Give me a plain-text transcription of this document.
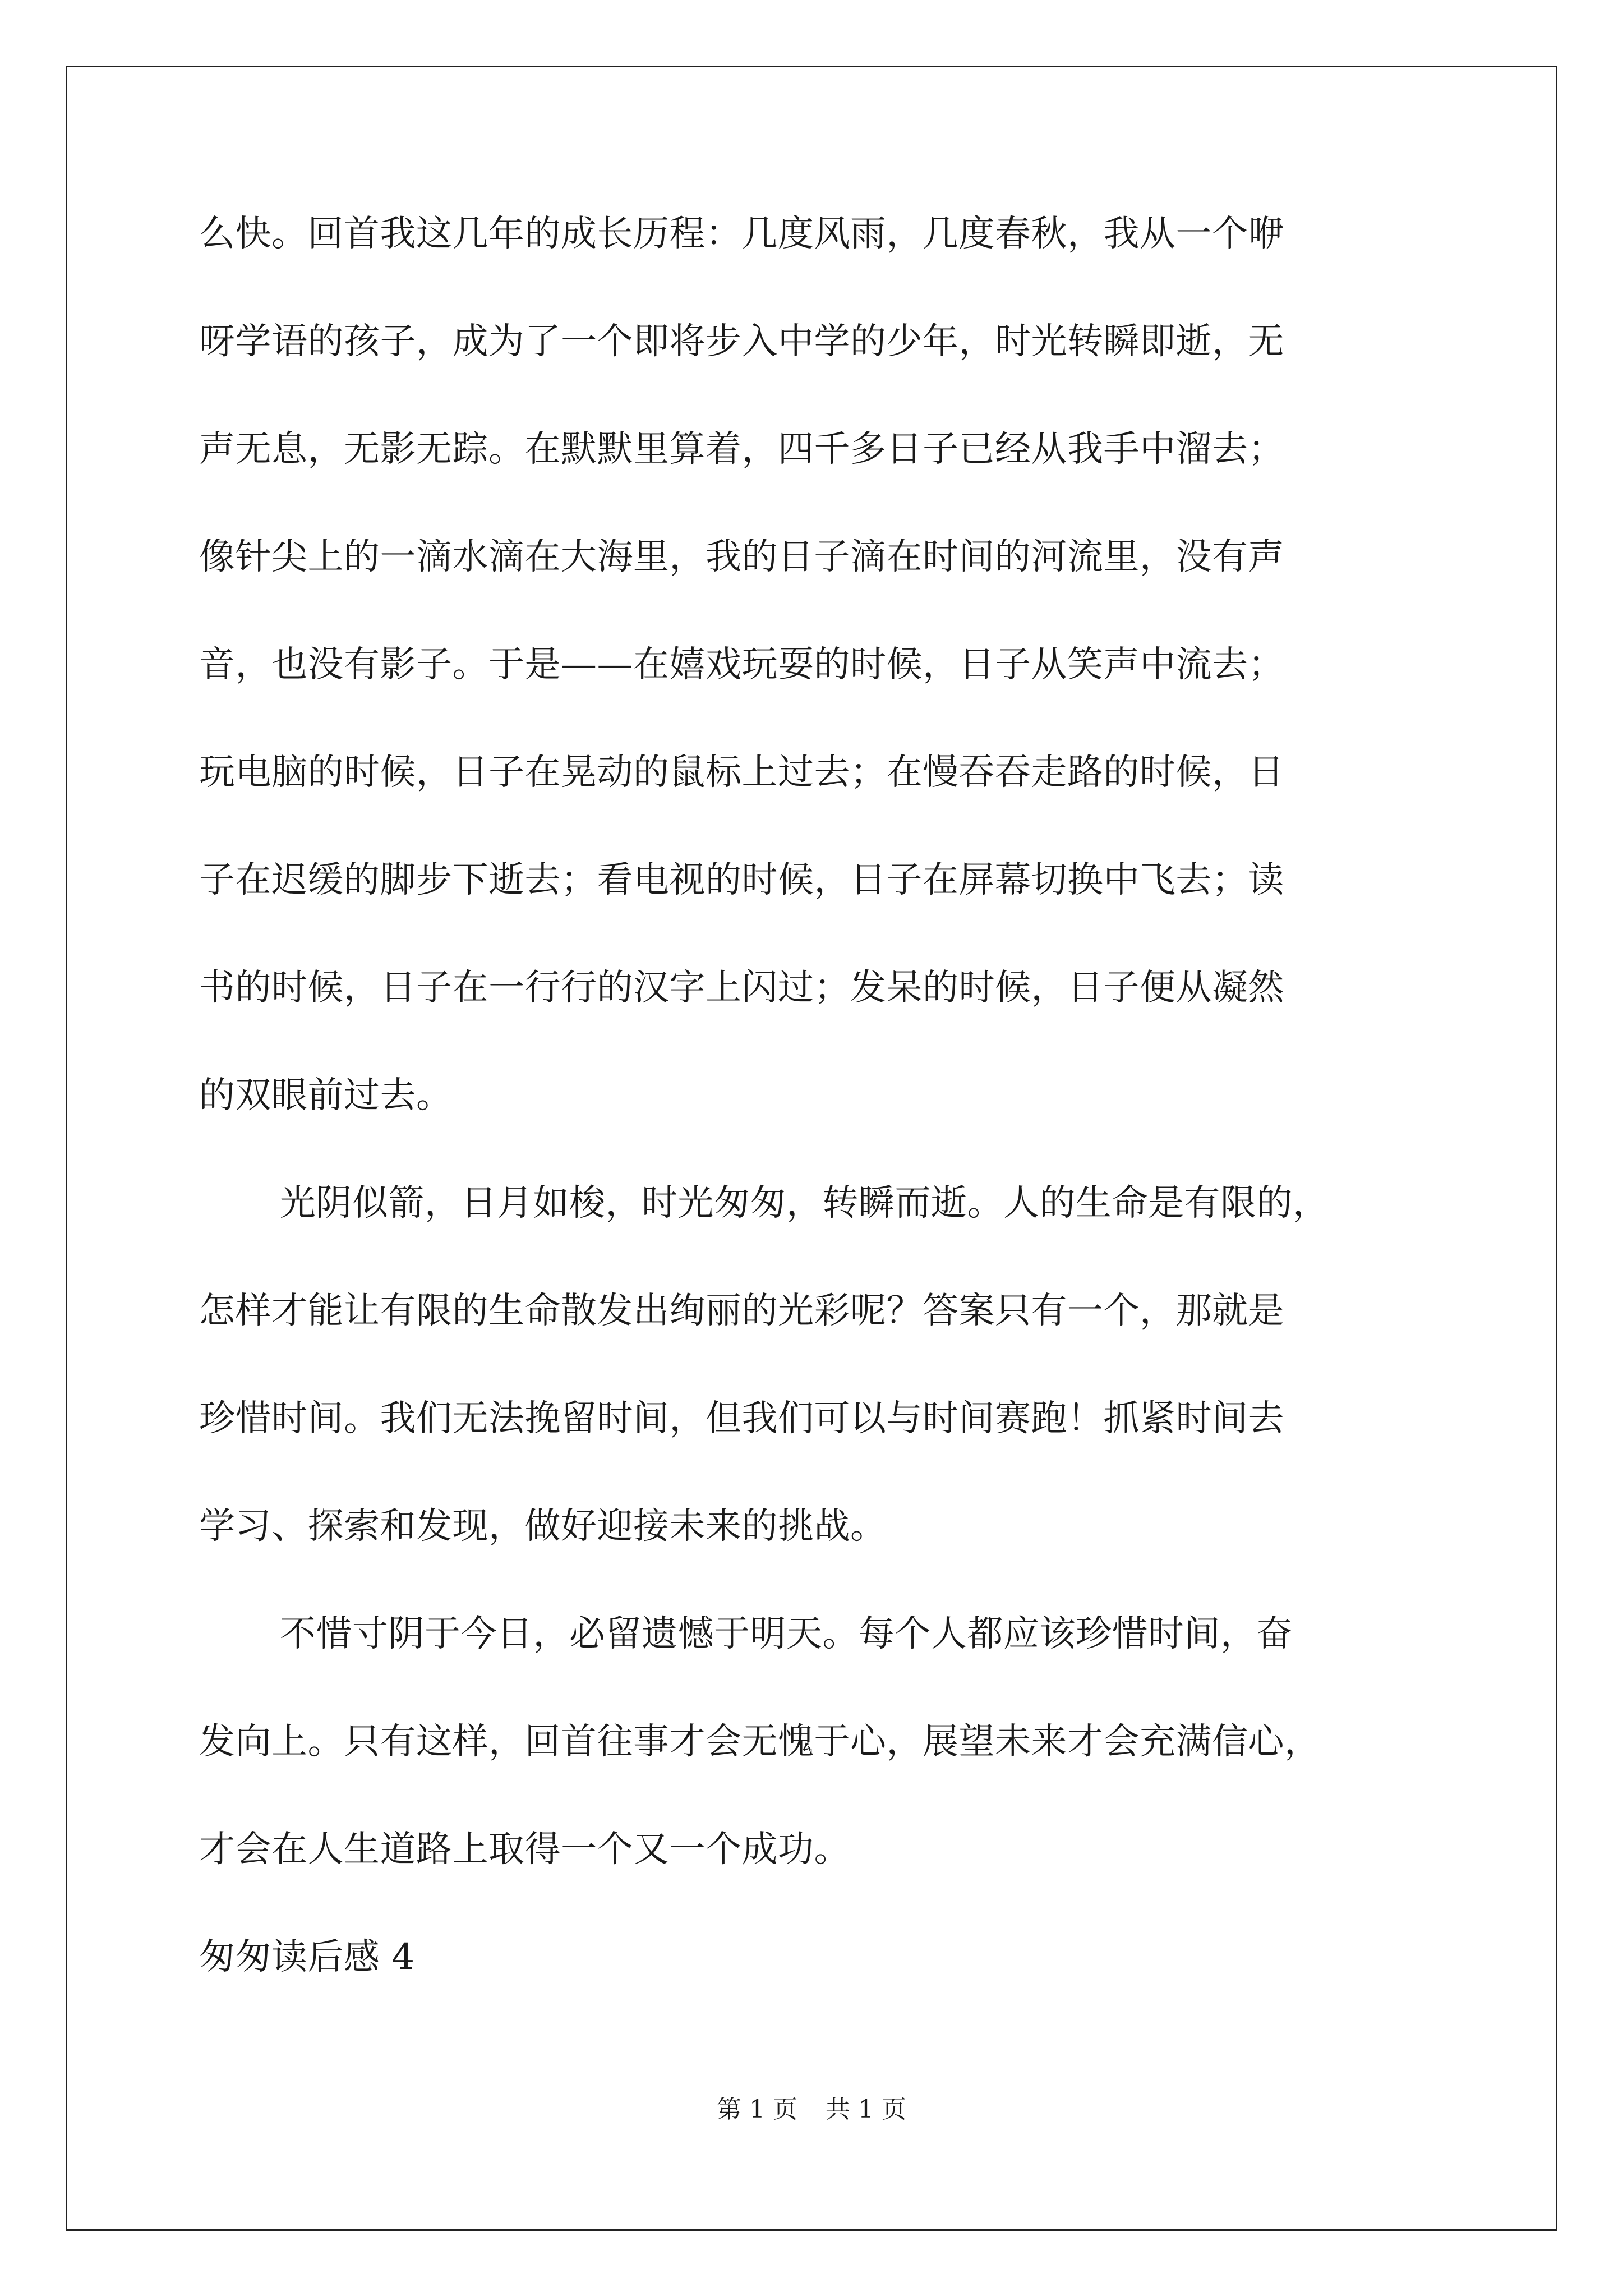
么快。回首我这几年的成长历程：几度风雨，几度春秋，我从一个咿
呀学语的孩子，成为了一个即将步入中学的少年，时光转瞬即逝，无
声无息，无影无踪。在默默里算着，四千多日子已经从我手中溜去；
像针尖上的一滴水滴在大海里，我的日子滴在时间的河流里，没有声
音，也没有影子。于是——在嬉戏玩耍的时候，日子从笑声中流去；
玩电脑的时候，日子在晃动的鼠标上过去；在慢吞吞走路的时候，日
子在迟缓的脚步下逝去；看电视的时候，日子在屏幕切换中飞去；读
书的时候，日子在一行行的汉字上闪过；发呆的时候，日子便从凝然
的双眼前过去。
光阴似箭，日月如梭，时光匆匆，转瞬而逝。人的生命是有限的，
怎样才能让有限的生命散发出绚丽的光彩呢？答案只有一个，那就是
珍惜时间。我们无法挽留时间，但我们可以与时间赛跑！抓紧时间去
学习、探索和发现，做好迎接未来的挑战。
不惜寸阴于今日，必留遗憾于明天。每个人都应该珍惜时间，奋
发向上。只有这样，回首往事才会无愧于心，展望未来才会充满信心，
才会在人生道路上取得一个又一个成功。
匆匆读后感 4
第 1 页 共 1 页
